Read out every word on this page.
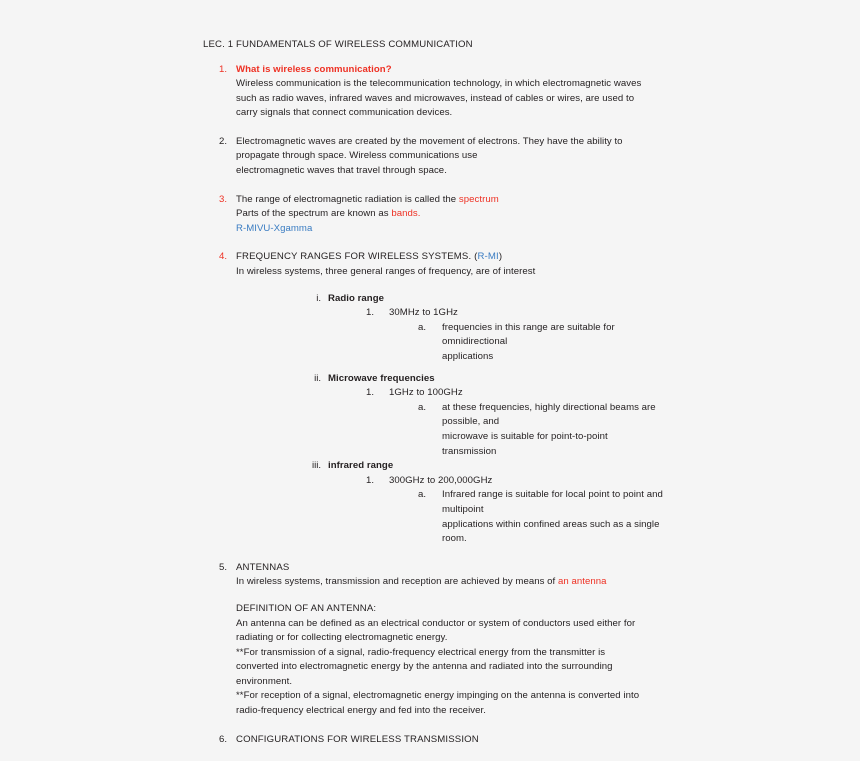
LEC. 1 FUNDAMENTALS OF WIRELESS COMMUNICATION
1. What is wireless communication?
Wireless communication is the telecommunication technology, in which electromagnetic waves
such as radio waves, infrared waves and microwaves, instead of cables or wires, are used to
carry signals that connect communication devices.
2. Electromagnetic waves are created by the movement of electrons. They have the ability to
propagate through space. Wireless communications use
electromagnetic waves that travel through space.
3. The range of electromagnetic radiation is called the spectrum
Parts of the spectrum are known as bands.
R-MIVU-Xgamma
4. FREQUENCY RANGES FOR WIRELESS SYSTEMS. (R-MI)
In wireless systems, three general ranges of frequency, are of interest
i. Radio range
1. 30MHz to 1GHz
a. frequencies in this range are suitable for omnidirectional
applications
ii. Microwave frequencies
1. 1GHz to 100GHz
a. at these frequencies, highly directional beams are possible, and
microwave is suitable for point-to-point transmission
iii. infrared range
1. 300GHz to 200,000GHz
a. Infrared range is suitable for local point to point and multipoint
applications within confined areas such as a single room.
5. ANTENNAS
In wireless systems, transmission and reception are achieved by means of an antenna
DEFINITION OF AN ANTENNA:
An antenna can be defined as an electrical conductor or system of conductors used either for
radiating or for collecting electromagnetic energy.
**For transmission of a signal, radio-frequency electrical energy from the transmitter is
converted into electromagnetic energy by the antenna and radiated into the surrounding
environment.
**For reception of a signal, electromagnetic energy impinging on the antenna is converted into
radio-frequency electrical energy and fed into the receiver.
6. CONFIGURATIONS FOR WIRELESS TRANSMISSION
